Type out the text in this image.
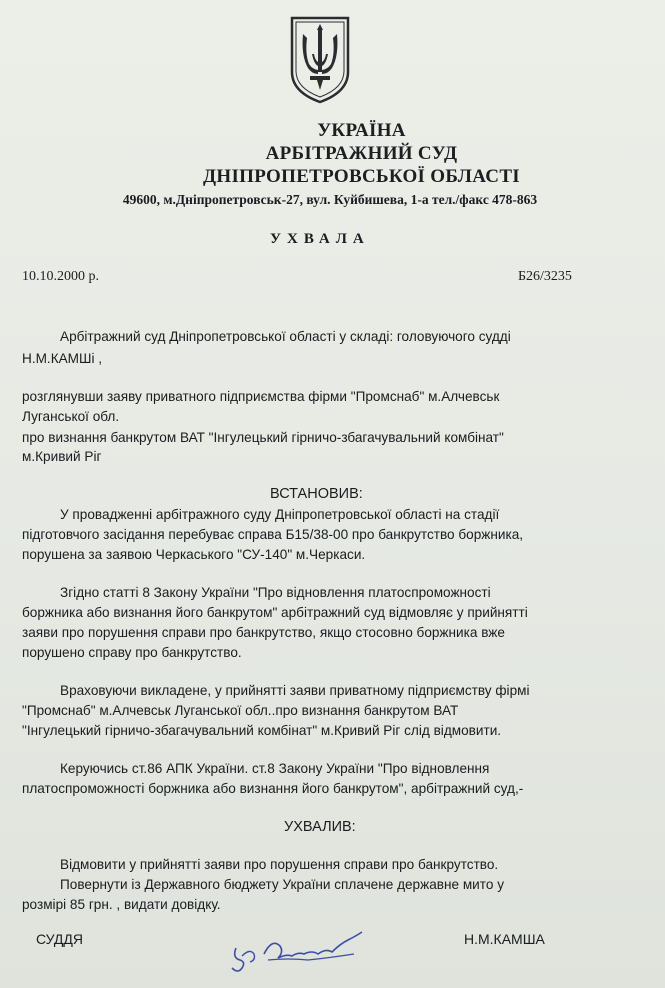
УКРАЇНА
АРБІТРАЖНИЙ СУД
ДНІПРОПЕТРОВСЬКОЇ ОБЛАСТІ
49600, м.Дніпропетровськ-27, вул. Куйбишева, 1-а тел./факс 478-863
УХВАЛА
10.10.2000 р.	Б26/3235
Арбітражний суд Дніпропетровської області у складі: головуючого судді
Н.М.КАМШі ,
розглянувши заяву приватного підприємства фірми "Промснаб" м.Алчевськ
Луганської обл.
про визнання банкрутом ВАТ "Інгулецький гірничо-збагачувальний комбінат"
м.Кривий Ріг
ВСТАНОВИВ:
У провадженні арбітражного суду Дніпропетровської області на стадії
підготовчого засідання перебуває справа Б15/38-00 про банкрутство боржника,
порушена за заявою Черкаського "СУ-140" м.Черкаси.
Згідно статті 8 Закону України "Про відновлення платоспроможності
боржника або визнання його банкрутом" арбітражний суд відмовляє у прийнятті
заяви про порушення справи про банкрутство, якщо стосовно боржника вже
порушено справу про банкрутство.
Враховуючи викладене, у прийнятті заяви приватному підприємству фірмі
"Промснаб" м.Алчевськ Луганської обл..про визнання банкрутом ВАТ
"Інгулецький гірничо-збагачувальний комбінат" м.Кривий Ріг слід відмовити.
Керуючись ст.86 АПК України. ст.8 Закону України "Про відновлення
платоспроможності боржника або визнання його банкрутом", арбітражний суд,-
УХВАЛИВ:
Відмовити у прийнятті заяви про порушення справи про банкрутство.
Повернути із Державного бюджету України сплачене державне мито у
розмірі 85 грн. , видати довідку.
СУДДЯ	Н.М.КАМША
